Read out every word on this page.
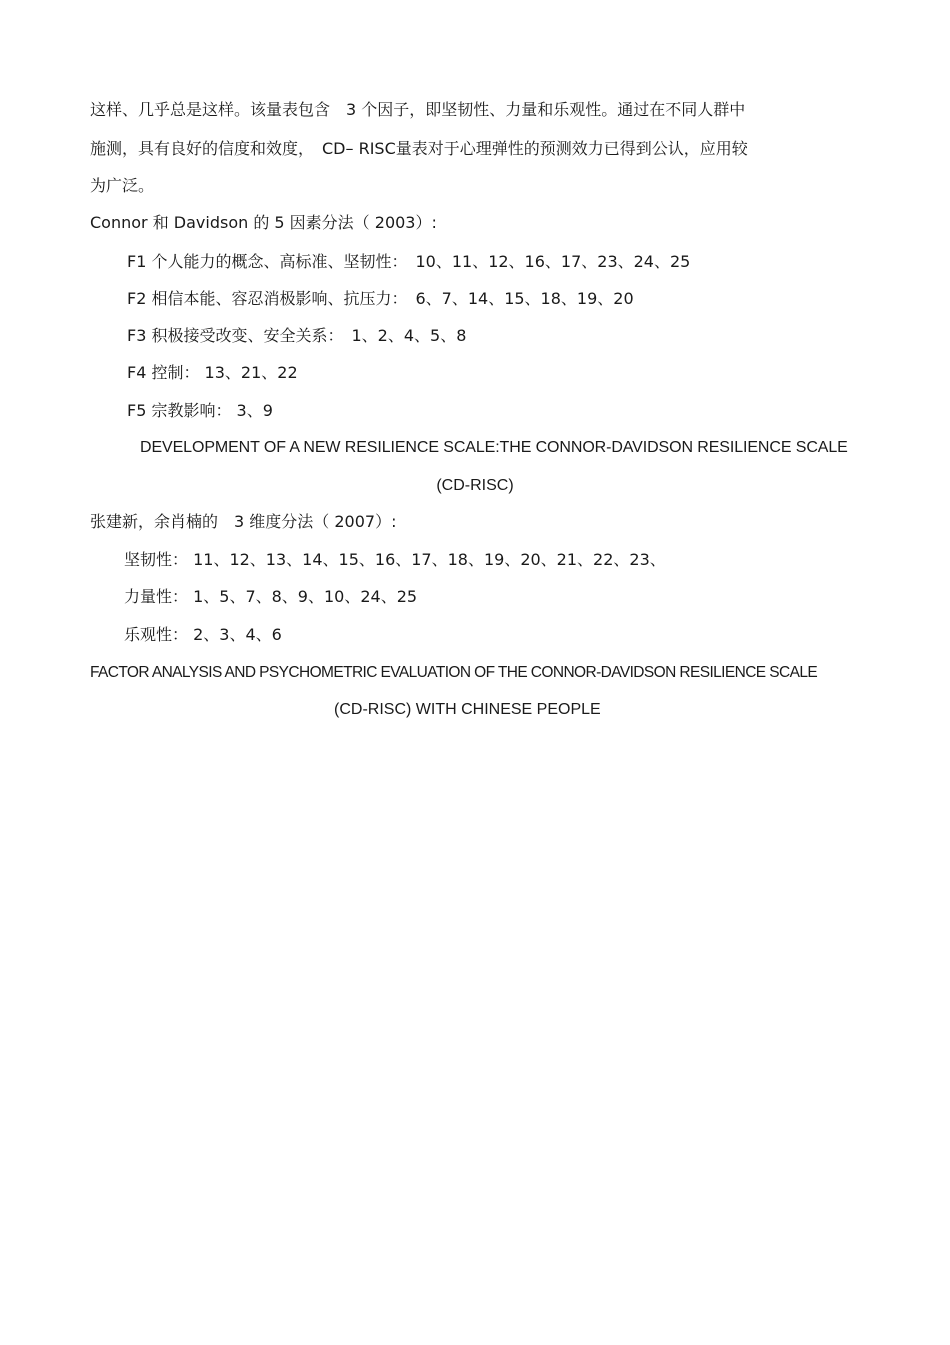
这样、几乎总是这样。该量表包含　3 个因子，即坚韧性、力量和乐观性。通过在不同人群中
施测，具有良好的信度和效度，　CD– RISC量表对于心理弹性的预测效力已得到公认，应用较
为广泛。
Connor 和 Davidson 的 5 因素分法（ 2003）:
F1 个人能力的概念、高标准、坚韧性：　10、11、12、16、17、23、24、25
F2 相信本能、容忍消极影响、抗压力：　6、7、14、15、18、19、20
F3 积极接受改变、安全关系：　1、2、4、5、8
F4 控制： 13、21、22
F5 宗教影响： 3、9
DEVELOPMENT OF A NEW RESILIENCE SCALE:THE CONNOR-DAVIDSON RESILIENCE SCALE
(CD-RISC)
张建新，余肖楠的　3 维度分法（ 2007）:
坚韧性： 11、12、13、14、15、16、17、18、19、20、21、22、23、
力量性： 1、5、7、8、9、10、24、25
乐观性： 2、3、4、6
FACTOR ANALYSIS AND PSYCHOMETRIC EVALUATION OF THE CONNOR-DAVIDSON RESILIENCE SCALE
(CD-RISC) WITH CHINESE PEOPLE
